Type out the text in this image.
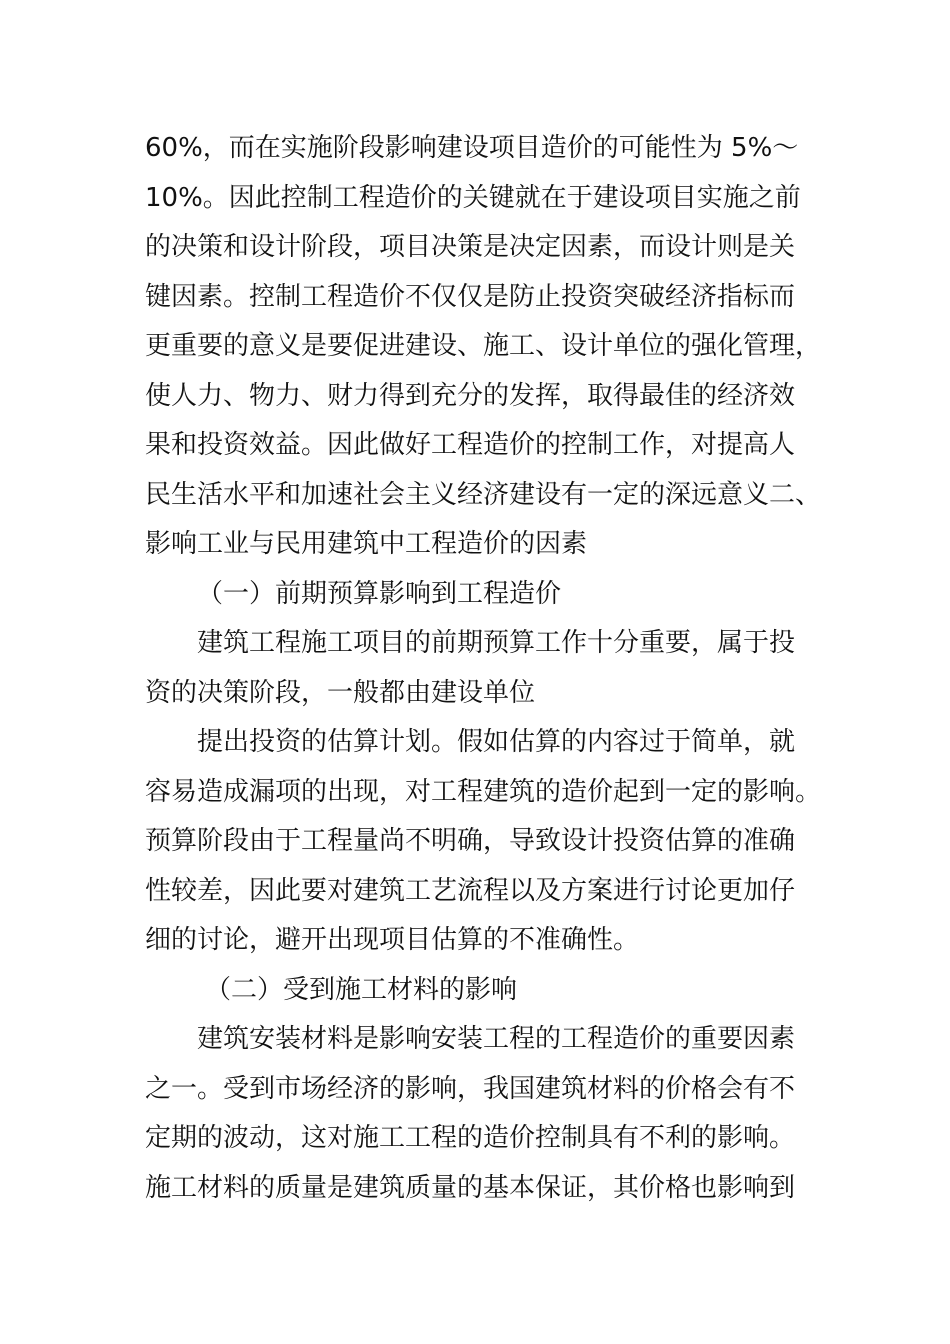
60%，而在实施阶段影响建设项目造价的可能性为 5%～
10%。因此控制工程造价的关键就在于建设项目实施之前
的决策和设计阶段，项目决策是决定因素，而设计则是关
键因素。控制工程造价不仅仅是防止投资突破经济指标而
更重要的意义是要促进建设、施工、设计单位的强化管理，
使人力、物力、财力得到充分的发挥，取得最佳的经济效
果和投资效益。因此做好工程造价的控制工作，对提高人
民生活水平和加速社会主义经济建设有一定的深远意义二、
影响工业与民用建筑中工程造价的因素
（一）前期预算影响到工程造价
建筑工程施工项目的前期预算工作十分重要，属于投
资的决策阶段，一般都由建设单位
提出投资的估算计划。假如估算的内容过于简单，就
容易造成漏项的出现，对工程建筑的造价起到一定的影响。
预算阶段由于工程量尚不明确，导致设计投资估算的准确
性较差，因此要对建筑工艺流程以及方案进行讨论更加仔
细的讨论，避开出现项目估算的不准确性。
（二）受到施工材料的影响
建筑安装材料是影响安装工程的工程造价的重要因素
之一。受到市场经济的影响，我国建筑材料的价格会有不
定期的波动，这对施工工程的造价控制具有不利的影响。
施工材料的质量是建筑质量的基本保证，其价格也影响到
